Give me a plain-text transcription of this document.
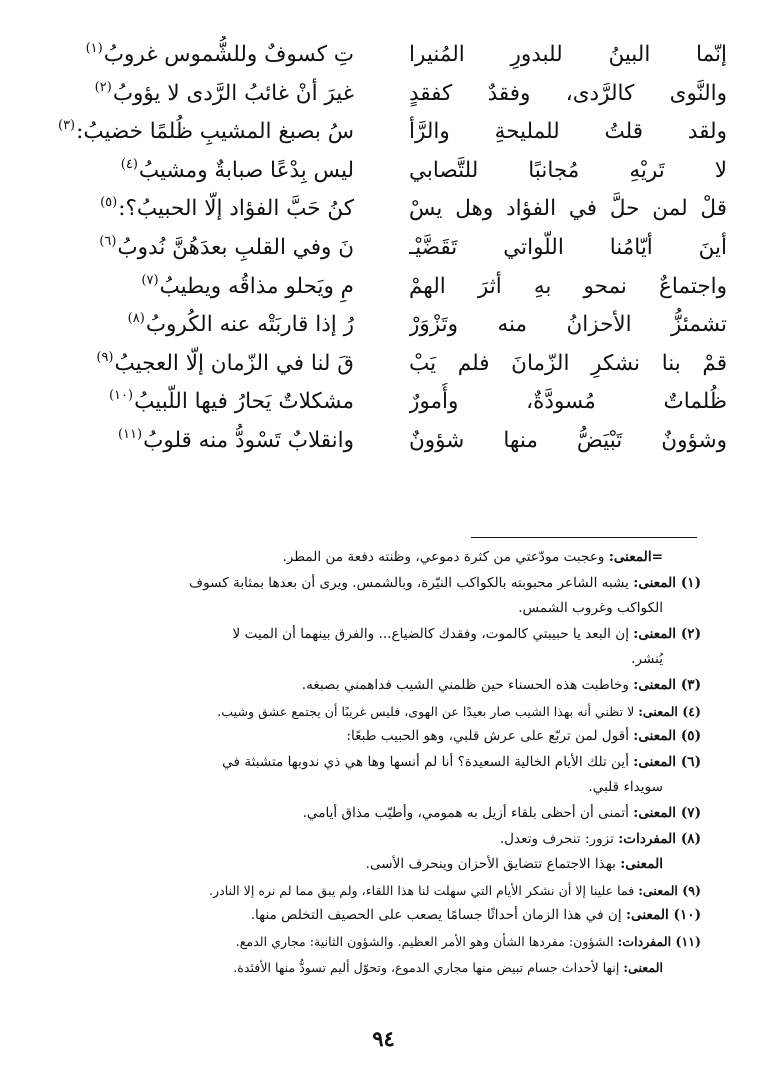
إنّما البينُ للبدورِ المُنيرا
تِ كسوفٌ وللشُّموس غروبُ$^{(١)}$
والنَّوى كالرَّدى، وفقدٌ كفقدٍ
غيرَ أنْ غائبُ الرَّدى لا يؤوبُ$^{(٢)}$
ولقد قلتُ للمليحةِ والرَّأ
سُ بصبغ المشيبِ ظُلمًا خضيبُ:$^{(٣)}$
لا تَريْهِ مُجانبًا للتَّصابي
ليس بِدْعًا صبابةٌ ومشيبُ$^{(٤)}$
قلْ لمن حلَّ في الفؤاد وهل يسْ
كنُ حَبَّ الفؤاد إلّا الحبيبُ؟:$^{(٥)}$
أينَ أيّامُنا اللّواتي تَقَضَّيْـ
نَ وفي القلبِ بعدَهُنَّ نُدوبُ$^{(٦)}$
واجتماعٌ نمحو بهِ أثرَ الهمْ
مِ ويَحلو مذاقُه ويطيبُ$^{(٧)}$
تشمئزُّ الأحزانُ منه وتَزْوَرْ
رُ إذا قاربَتْه عنه الكُروبُ$^{(٨)}$
قمْ بنا نشكرِ الزّمانَ فلم يَبْ
قَ لنا في الزّمان إلّا العجيبُ$^{(٩)}$
ظُلماتٌ مُسودَّةٌ، وأُمورٌ
مشكلاتٌ يَحارُ فيها اللّبيبُ$^{(١٠)}$
وشؤونٌ تَبْيَضُّ منها شؤونٌ
وانقلابٌ تَسْودُّ منه قلوبُ$^{(١١)}$
=المعنى: وعجبت مودّعتي من كثرة دموعي، وظنته دفعة من المطر.
(١) المعنى: يشبه الشاعر محبوبته بالكواكب النيّرة، وبالشمس. ويرى أن بعدها بمثابة كسوف
الكواكب وغروب الشمس.
(٢) المعنى: إن البعد يا حبيبتي كالموت، وفقدك كالضياع... والفرق بينهما أن الميت لا
يُنشر.
(٣) المعنى: وخاطبت هذه الحسناء حين ظلمني الشيب فداهمني بصبغه.
(٤) المعنى: لا تظني أنه بهذا الشيب صار بعيدًا عن الهوى، فليس غريبًا أن يجتمع عشق وشيب.
(٥) المعنى: أقول لمن تربّع على عرش قلبي، وهو الحبيب طبعًا:
(٦) المعنى: أين تلك الأيام الخالية السعيدة؟ أنا لم أنسها وها هي ذي ندوبها متشبثة في
سويداء قلبي.
(٧) المعنى: أتمنى أن أحظى بلقاء أزيل به همومي، وأطيّب مذاق أيامي.
(٨) المفردات: تزور: تنحرف وتعدل.
المعنى: بهذا الاجتماع تتضايق الأحزان وينحرف الأسى.
(٩) المعنى: فما علينا إلا أن نشكر الأيام التي سهلت لنا هذا اللقاء، ولم يبق مما لم نره إلا النادر.
(١٠) المعنى: إن في هذا الزمان أحداثًا جسامًا يصعب على الحصيف التخلص منها.
(١١) المفردات: الشؤون: مفردها الشأن وهو الأمر العظيم. والشؤون الثانية: مجاري الدمع.
المعنى: إنها لأحداث جسام تبيض منها مجاري الدموع، وتحوّل أليم تسودُّ منها الأفئدة.
٩٤
